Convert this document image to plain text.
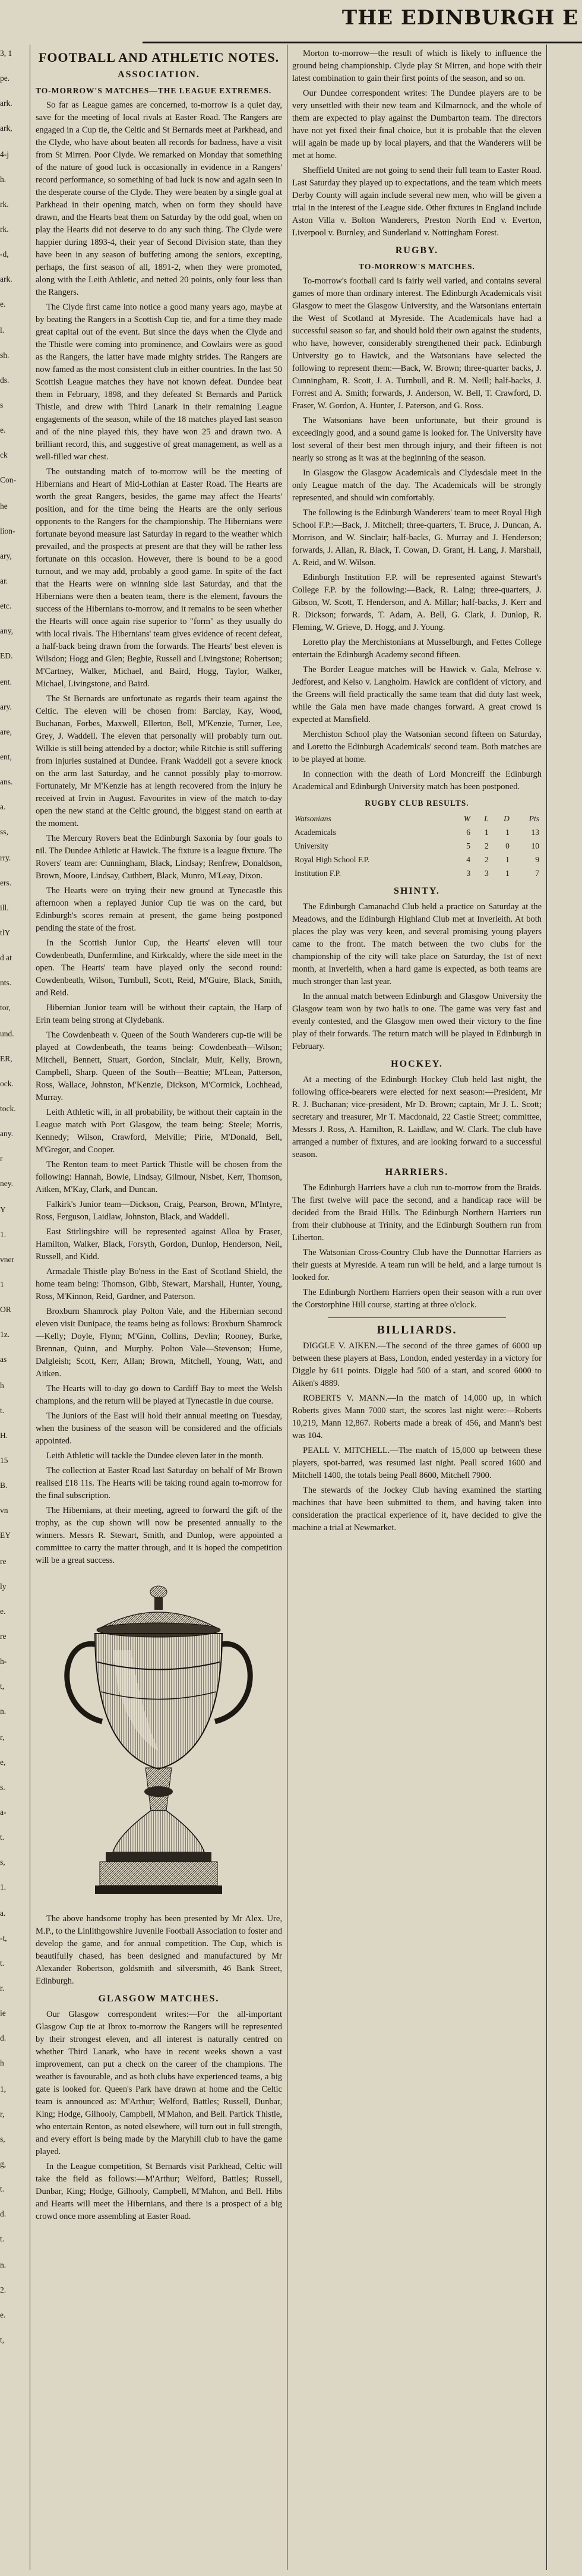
THE EDINBURGH E
3, 1
pe.
ark.
ark,
4-j
h.
rk.
rk.
-d,
ark.
e.
l.
sh.
ds.
s
e.
ck
Con-
he
lion-
ary,
ar.
etc.
any,
ED.
ent.
ary.
are,
ent,
ans.
a.
ss,
rry.
ers.
ill.
tlY
d at
nts.
tor,
und.
ER,
ock.
tock.
any.
r
ney.
Y
1.
vner
1
OR
1z.
as
h
t.
H.
15
B.
vn
EY
re
ly
e.
re
h-
t,
n.
r,
e,
s.
a-
t.
s,
1.
a.
-t,
t.
r.
ie
d.
h
1,
r,
s,
g,
t.
d.
t.
n.
2.
e.
t,
FOOTBALL AND ATHLETIC NOTES.
ASSOCIATION.
TO-MORROW'S MATCHES—THE LEAGUE EXTREMES.

So far as League games are concerned, to-morrow is a quiet day, save for the meeting of local rivals at Easter Road. The Rangers are engaged in a Cup tie, the Celtic and St Bernards meet at Parkhead, and the Clyde, who have about beaten all records for badness, have a visit from St Mirren. Poor Clyde. We remarked on Monday that something of the nature of good luck is occasionally in evidence in a Rangers' record performance, so something of bad luck is now and again seen in the desperate course of the Clyde. They were beaten by a single goal at Parkhead in their opening match, when on form they should have drawn, and the Hearts beat them on Saturday by the odd goal, when on play the Hearts did not deserve to do any such thing. The Clyde were happier during 1893-4, their year of Second Division state, than they have been in any season of buffeting among the seniors, excepting, perhaps, the first season of all, 1891-2, when they were promoted, along with the Leith Athletic, and netted 20 points, only four less than the Rangers.

The Clyde first came into notice a good many years ago, maybe at by beating the Rangers in a Scottish Cup tie, and for a time they made great capital out of the event. But since the days when the Clyde and the Thistle were coming into prominence, and Cowlairs were as good as the Rangers, the latter have made mighty strides. The Rangers are now famed as the most consistent club in either countries. In the last 50 Scottish League matches they have not known defeat. Dundee beat them in February, 1898, and they defeated St Bernards and Partick Thistle, and drew with Third Lanark in their remaining League engagements of the season, while of the 18 matches played last season and of the nine played this, they have won 25 and drawn two. A brilliant record, this, and suggestive of great management, as well as a well-filled war chest.

The outstanding match of to-morrow will be the meeting of Hibernians and Heart of Mid-Lothian at Easter Road. The Hearts are worth the great Rangers, besides, the game may affect the Hearts' position, and for the time being the Hearts are the only serious opponents to the Rangers for the championship. The Hibernians were fortunate beyond measure last Saturday in regard to the weather which prevailed, and the prospects at present are that they will be rather less fortunate on this occasion. However, there is bound to be a good turnout, and we may add, probably a good game. In spite of the fact that the Hearts were on winning side last Saturday, and that the Hibernians were then a beaten team, there is the element, favours the success of the Hibernians to-morrow, and it remains to be seen whether the Hearts will once again rise superior to "form" as they usually do with local rivals. The Hibernians' team gives evidence of recent defeat, a half-back being drawn from the forwards. The Hearts' best eleven is Wilsdon; Hogg and Glen; Begbie, Russell and Livingstone; Robertson; M'Cartney, Walker, Michael, and Baird, Hogg, Taylor, Walker, Michael, Livingstone, and Baird.

The St Bernards are unfortunate as regards their team against the Celtic. The eleven will be chosen from: Barclay, Kay, Wood, Buchanan, Forbes, Maxwell, Ellerton, Bell, M'Kenzie, Turner, Lee, Grey, J. Waddell. The eleven that personally will probably turn out. Wilkie is still being attended by a doctor; while Ritchie is still suffering from injuries sustained at Dundee. Frank Waddell got a severe knock on the arm last Saturday, and he cannot possibly play to-morrow. Fortunately, Mr M'Kenzie has at length recovered from the injury he received at Irvin in August. Favourites in view of the match to-day open the new stand at the Celtic ground, the biggest stand on earth at the moment.

The Mercury Rovers beat the Edinburgh Saxonia by four goals to nil. The Dundee Athletic at Hawick. The fixture is a league fixture. The Rovers' team are: Cunningham, Black, Lindsay; Renfrew, Donaldson, Brown, Moore, Lindsay, Cuthbert, Black, Munro, M'Leay, Dixon.

The Hearts were on trying their new ground at Tynecastle this afternoon when a replayed Junior Cup tie was on the card, but Edinburgh's scores remain at present, the game being postponed pending the state of the frost.

In the Scottish Junior Cup, the Hearts' eleven will tour Cowdenbeath, Dunfermline, and Kirkcaldy, where the side meet in the open. The Hearts' team have played only the second round: Cowdenbeath, Wilson, Turnbull, Scott, Reid, M'Guire, Black, Smith, and Reid.

Hibernian Junior team will be without their captain, the Harp of Erin team being strong at Clydebank.

The Cowdenbeath v. Queen of the South Wanderers cup-tie will be played at Cowdenbeath, the teams being: Cowdenbeath—Wilson; Mitchell, Bennett, Stuart, Gordon, Sinclair, Muir, Kelly, Brown, Campbell, Sharp. Queen of the South—Beattie; M'Lean, Patterson, Ross, Wallace, Johnston, M'Kenzie, Dickson, M'Cormick, Lochhead, Murray.

Leith Athletic will, in all probability, be without their captain in the League match with Port Glasgow, the team being: Steele; Morris, Kennedy; Wilson, Crawford, Melville; Pirie, M'Donald, Bell, M'Gregor, and Cooper.

The Renton team to meet Partick Thistle will be chosen from the following: Hannah, Bowie, Lindsay, Gilmour, Nisbet, Kerr, Thomson, Aitken, M'Kay, Clark, and Duncan.

Falkirk's Junior team—Dickson, Craig, Pearson, Brown, M'Intyre, Ross, Ferguson, Laidlaw, Johnston, Black, and Waddell.

East Stirlingshire will be represented against Alloa by Fraser, Hamilton, Walker, Black, Forsyth, Gordon, Dunlop, Henderson, Neil, Russell, and Kidd.

Armadale Thistle play Bo'ness in the East of Scotland Shield, the home team being: Thomson, Gibb, Stewart, Marshall, Hunter, Young, Ross, M'Kinnon, Reid, Gardner, and Paterson.

Broxburn Shamrock play Polton Vale, and the Hibernian second eleven visit Dunipace, the teams being as follows: Broxburn Shamrock—Kelly; Doyle, Flynn; M'Ginn, Collins, Devlin; Rooney, Burke, Brennan, Quinn, and Murphy. Polton Vale—Stevenson; Hume, Dalgleish; Scott, Kerr, Allan; Brown, Mitchell, Young, Watt, and Aitken.

The Hearts will to-day go down to Cardiff Bay to meet the Welsh champions, and the return will be played at Tynecastle in due course.

The Juniors of the East will hold their annual meeting on Tuesday, when the business of the season will be considered and the officials appointed.

Leith Athletic will tackle the Dundee eleven later in the month.

The collection at Easter Road last Saturday on behalf of Mr Brown realised £18 11s. The Hearts will be taking round again to-morrow for the final subscription.

The Hibernians, at their meeting, agreed to forward the gift of the trophy, as the cup shown will now be presented annually to the winners. Messrs R. Stewart, Smith, and Dunlop, were appointed a committee to carry the matter through, and it is hoped the competition will be a great success.

The above handsome trophy has been presented by Mr Alex. Ure, M.P., to the Linlithgowshire Juvenile Football Association to foster and develop the game, and for annual competition. The Cup, which is beautifully chased, has been designed and manufactured by Mr Alexander Robertson, goldsmith and silversmith, 46 Bank Street, Edinburgh.

GLASGOW MATCHES.

Our Glasgow correspondent writes:—For the all-important Glasgow Cup tie at Ibrox to-morrow the Rangers will be represented by their strongest eleven, and all interest is naturally centred on whether Third Lanark, who have in recent weeks shown a vast improvement, can put a check on the career of the champions. The weather is favourable, and as both clubs have experienced teams, a big gate is looked for. Queen's Park have drawn at home and the Celtic team is announced as: M'Arthur; Welford, Battles; Russell, Dunbar, King; Hodge, Gilhooly, Campbell, M'Mahon, and Bell. Partick Thistle, who entertain Renton, as noted elsewhere, will turn out in full strength, and every effort is being made by the Maryhill club to have the game played.

In the League competition, St Bernards visit Parkhead, Celtic will take the field as follows:—M'Arthur; Welford, Battles; Russell, Dunbar, King; Hodge, Gilhooly, Campbell, M'Mahon, and Bell. Hibs and Hearts will meet the Hibernians, and there is a prospect of a big crowd once more assembling at Easter Road.

Morton to-morrow—the result of which is likely to influence the ground being championship. Clyde play St Mirren, and hope with their latest combination to gain their first points of the season, and so on.

Our Dundee correspondent writes: The Dundee players are to be very unsettled with their new team and Kilmarnock, and the whole of them are expected to play against the Dumbarton team. The directors have not yet fixed their final choice, but it is probable that the eleven will again be made up by local players, and that the Wanderers will be met at home.

Sheffield United are not going to send their full team to Easter Road. Last Saturday they played up to expectations, and the team which meets Derby County will again include several new men, who will be given a trial in the interest of the League side. Other fixtures in England include Aston Villa v. Bolton Wanderers, Preston North End v. Everton, Liverpool v. Burnley, and Sunderland v. Nottingham Forest.

RUGBY.
TO-MORROW'S MATCHES.

To-morrow's football card is fairly well varied, and contains several games of more than ordinary interest. The Edinburgh Academicals visit Glasgow to meet the Glasgow University, and the Watsonians entertain the West of Scotland at Myreside. The Academicals have had a successful season so far, and should hold their own against the students, who have, however, considerably strengthened their pack. Edinburgh University go to Hawick, and the Watsonians have selected the following to represent them:—Back, W. Brown; three-quarter backs, J. Cunningham, R. Scott, J. A. Turnbull, and R. M. Neill; half-backs, J. Forrest and A. Smith; forwards, J. Anderson, W. Bell, T. Crawford, D. Fraser, W. Gordon, A. Hunter, J. Paterson, and G. Ross.

The Watsonians have been unfortunate, but their ground is exceedingly good, and a sound game is looked for. The University have lost several of their best men through injury, and their fifteen is not nearly so strong as it was at the beginning of the season.

In Glasgow the Glasgow Academicals and Clydesdale meet in the only League match of the day. The Academicals will be strongly represented, and should win comfortably.

The following is the Edinburgh Wanderers' team to meet Royal High School F.P.:—Back, J. Mitchell; three-quarters, T. Bruce, J. Duncan, A. Morrison, and W. Sinclair; half-backs, G. Murray and J. Henderson; forwards, J. Allan, R. Black, T. Cowan, D. Grant, H. Lang, J. Marshall, A. Reid, and W. Wilson.

Edinburgh Institution F.P. will be represented against Stewart's College F.P. by the following:—Back, R. Laing; three-quarters, J. Gibson, W. Scott, T. Henderson, and A. Millar; half-backs, J. Kerr and R. Dickson; forwards, T. Adam, A. Bell, G. Clark, J. Dunlop, R. Fleming, W. Grieve, D. Hogg, and J. Young.

Loretto play the Merchistonians at Musselburgh, and Fettes College entertain the Edinburgh Academy second fifteen.

The Border League matches will be Hawick v. Gala, Melrose v. Jedforest, and Kelso v. Langholm. Hawick are confident of victory, and the Greens will field practically the same team that did duty last week, while the Gala men have made changes forward. A great crowd is expected at Mansfield.

Merchiston School play the Watsonian second fifteen on Saturday, and Loretto the Edinburgh Academicals' second team. Both matches are to be played at home.

In connection with the death of Lord Moncreiff the Edinburgh Academical and Edinburgh University match has been postponed.

RUGBY CLUB RESULTS.
Watsonians	W	L	D	Pts
Academicals	6	1	1	13
University	5	2	0	10
Royal High School F.P.	4	2	1	9
Institution F.P.	3	3	1	7
SHINTY.

The Edinburgh Camanachd Club held a practice on Saturday at the Meadows, and the Edinburgh Highland Club met at Inverleith. At both places the play was very keen, and several promising young players came to the front. The match between the two clubs for the championship of the city will take place on Saturday, the 1st of next month, at Inverleith, when a hard game is expected, as both teams are much stronger than last year.

In the annual match between Edinburgh and Glasgow University the Glasgow team won by two hails to one. The game was very fast and evenly contested, and the Glasgow men owed their victory to the fine play of their forwards. The return match will be played in Edinburgh in February.

HOCKEY.

At a meeting of the Edinburgh Hockey Club held last night, the following office-bearers were elected for next season:—President, Mr R. J. Buchanan; vice-president, Mr D. Brown; captain, Mr J. L. Scott; secretary and treasurer, Mr T. Macdonald, 22 Castle Street; committee, Messrs J. Ross, A. Hamilton, R. Laidlaw, and W. Clark. The club have arranged a number of fixtures, and are looking forward to a successful season.

HARRIERS.

The Edinburgh Harriers have a club run to-morrow from the Braids. The first twelve will pace the second, and a handicap race will be decided from the Braid Hills. The Edinburgh Northern Harriers run from their clubhouse at Trinity, and the Edinburgh Southern run from Liberton.

The Watsonian Cross-Country Club have the Dunnottar Harriers as their guests at Myreside. A team run will be held, and a large turnout is looked for.

The Edinburgh Northern Harriers open their season with a run over the Corstorphine Hill course, starting at three o'clock.

BILLIARDS.

DIGGLE V. AIKEN.—The second of the three games of 6000 up between these players at Bass, London, ended yesterday in a victory for Diggle by 611 points. Diggle had 500 of a start, and scored 6000 to Aiken's 4889.

ROBERTS V. MANN.—In the match of 14,000 up, in which Roberts gives Mann 7000 start, the scores last night were:—Roberts 10,219, Mann 12,867. Roberts made a break of 456, and Mann's best was 104.

PEALL V. MITCHELL.—The match of 15,000 up between these players, spot-barred, was resumed last night. Peall scored 1600 and Mitchell 1400, the totals being Peall 8600, Mitchell 7900.

The stewards of the Jockey Club having examined the starting machines that have been submitted to them, and having taken into consideration the practical experience of it, have decided to give the machine a trial at Newmarket.
